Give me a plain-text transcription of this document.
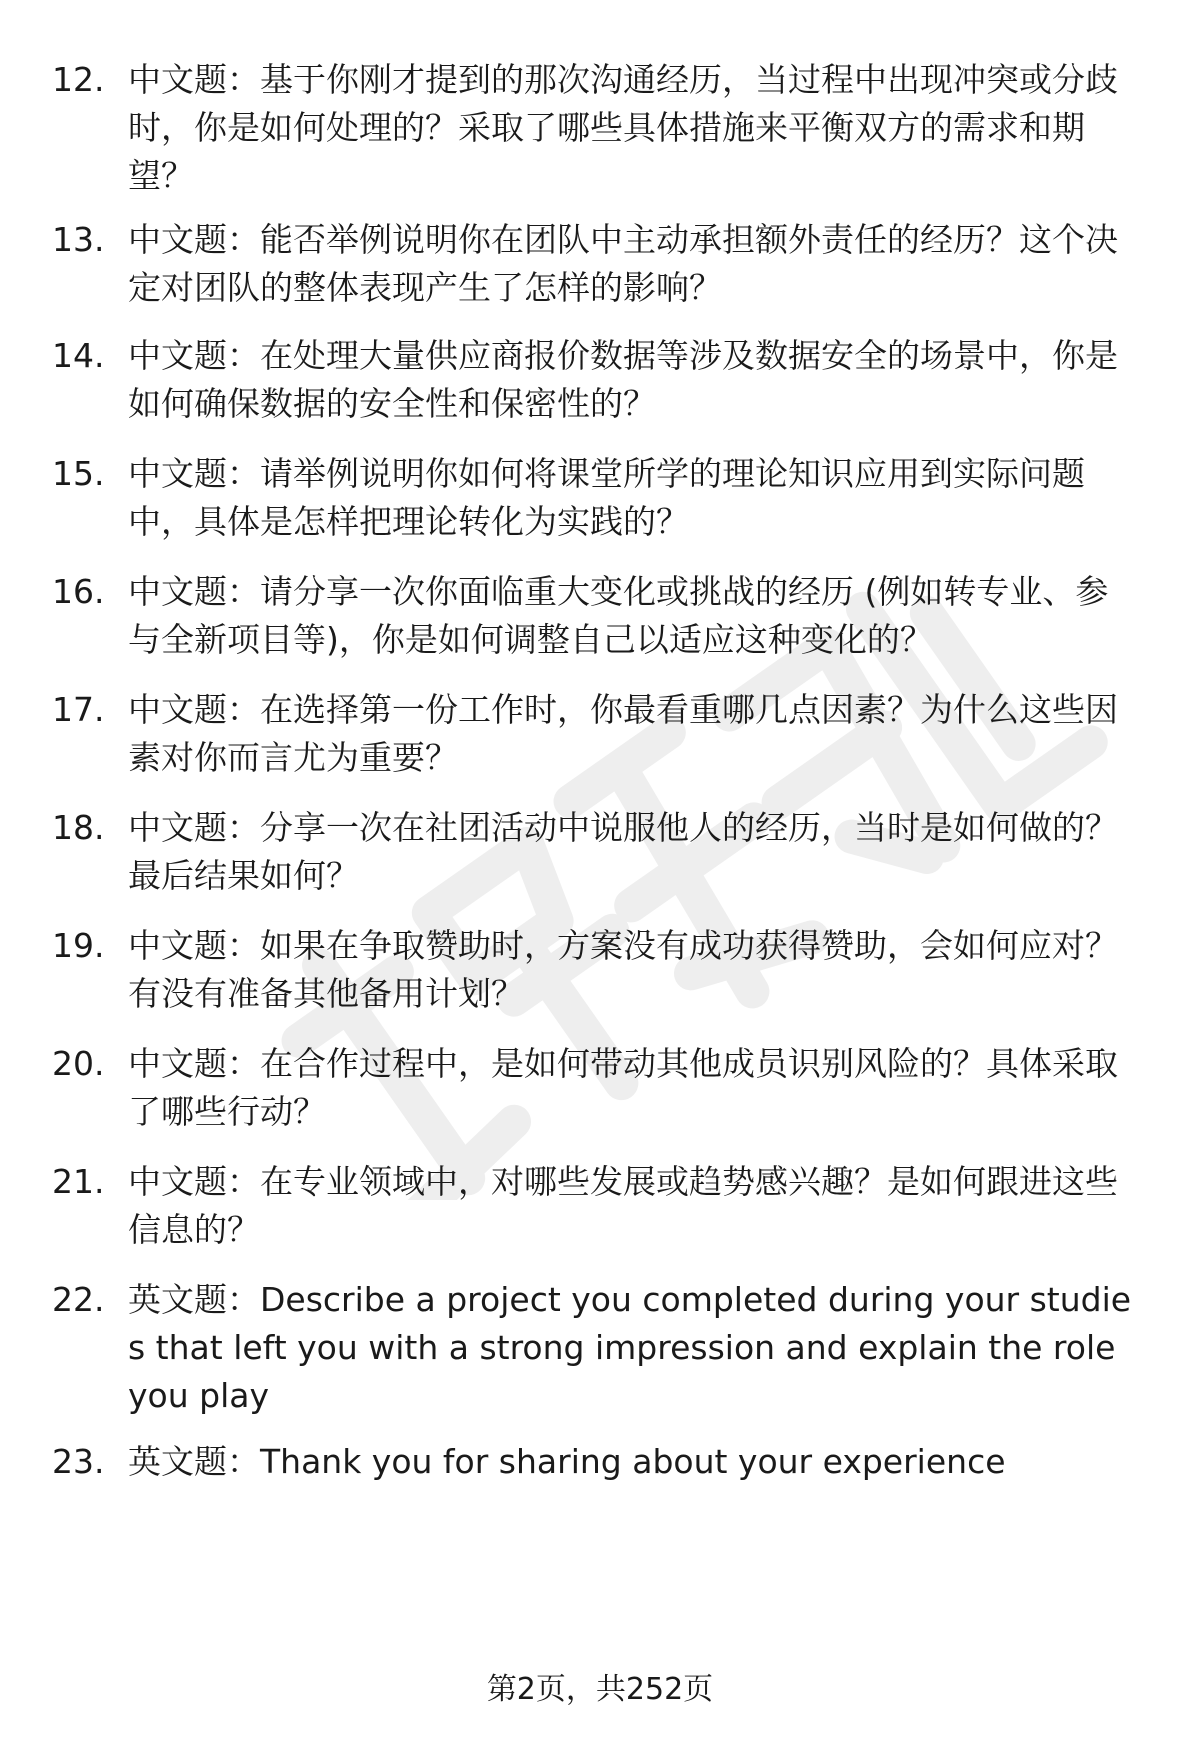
12. 中文题：基于你刚才提到的那次沟通经历，当过程中出现冲突或分歧时，你是如何处理的？采取了哪些具体措施来平衡双方的需求和期望？
13. 中文题：能否举例说明你在团队中主动承担额外责任的经历？这个决定对团队的整体表现产生了怎样的影响？
14. 中文题：在处理大量供应商报价数据等涉及数据安全的场景中，你是如何确保数据的安全性和保密性的？
15. 中文题：请举例说明你如何将课堂所学的理论知识应用到实际问题中，具体是怎样把理论转化为实践的？
16. 中文题：请分享一次你面临重大变化或挑战的经历 (例如转专业、参与全新项目等)，你是如何调整自己以适应这种变化的？
17. 中文题：在选择第一份工作时，你最看重哪几点因素？为什么这些因素对你而言尤为重要？
18. 中文题：分享一次在社团活动中说服他人的经历，当时是如何做的？最后结果如何？
19. 中文题：如果在争取赞助时，方案没有成功获得赞助，会如何应对？有没有准备其他备用计划？
20. 中文题：在合作过程中，是如何带动其他成员识别风险的？具体采取了哪些行动？
21. 中文题：在专业领域中，对哪些发展或趋势感兴趣？是如何跟进这些信息的？
22. 英文题：Describe a project you completed during your studies that left you with a strong impression and explain the role you play
23. 英文题：Thank you for sharing about your experience
第2页，共252页
